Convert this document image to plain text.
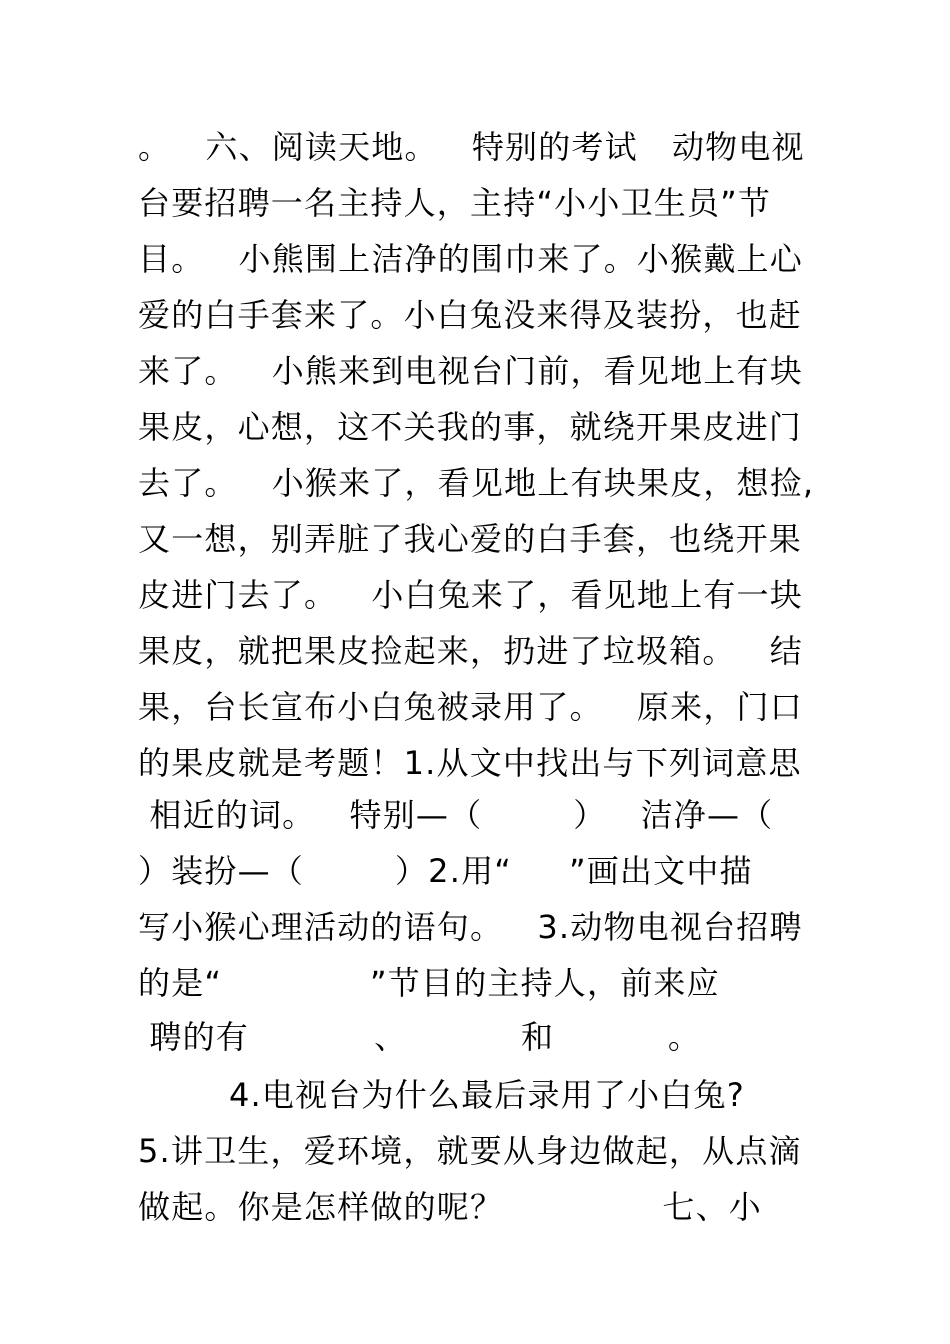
。   六、阅读天地。   特别的考试   动物电视
台要招聘一名主持人，主持“小小卫生员”节
目。   小熊围上洁净的围巾来了。小猴戴上心
爱的白手套来了。小白兔没来得及装扮，也赶
来了。   小熊来到电视台门前，看见地上有块
果皮，心想，这不关我的事，就绕开果皮进门
去了。   小猴来了，看见地上有块果皮，想捡,
又一想，别弄脏了我心爱的白手套，也绕开果
皮进门去了。   小白兔来了，看见地上有一块
果皮，就把果皮捡起来，扔进了垃圾箱。   结
果，台长宣布小白兔被录用了。   原来，门口
的果皮就是考题！1.从文中找出与下列词意思
相近的词。   特别—（        ）   洁净—（
）装扮—（        ）2.用“     ”画出文中描
写小猴心理活动的语句。   3.动物电视台招聘
的是“             ”节目的主持人，前来应
聘的有           、          和          。
4.电视台为什么最后录用了小白兔?
5.讲卫生，爱环境，就要从身边做起，从点滴
做起。你是怎样做的呢？              七、小
